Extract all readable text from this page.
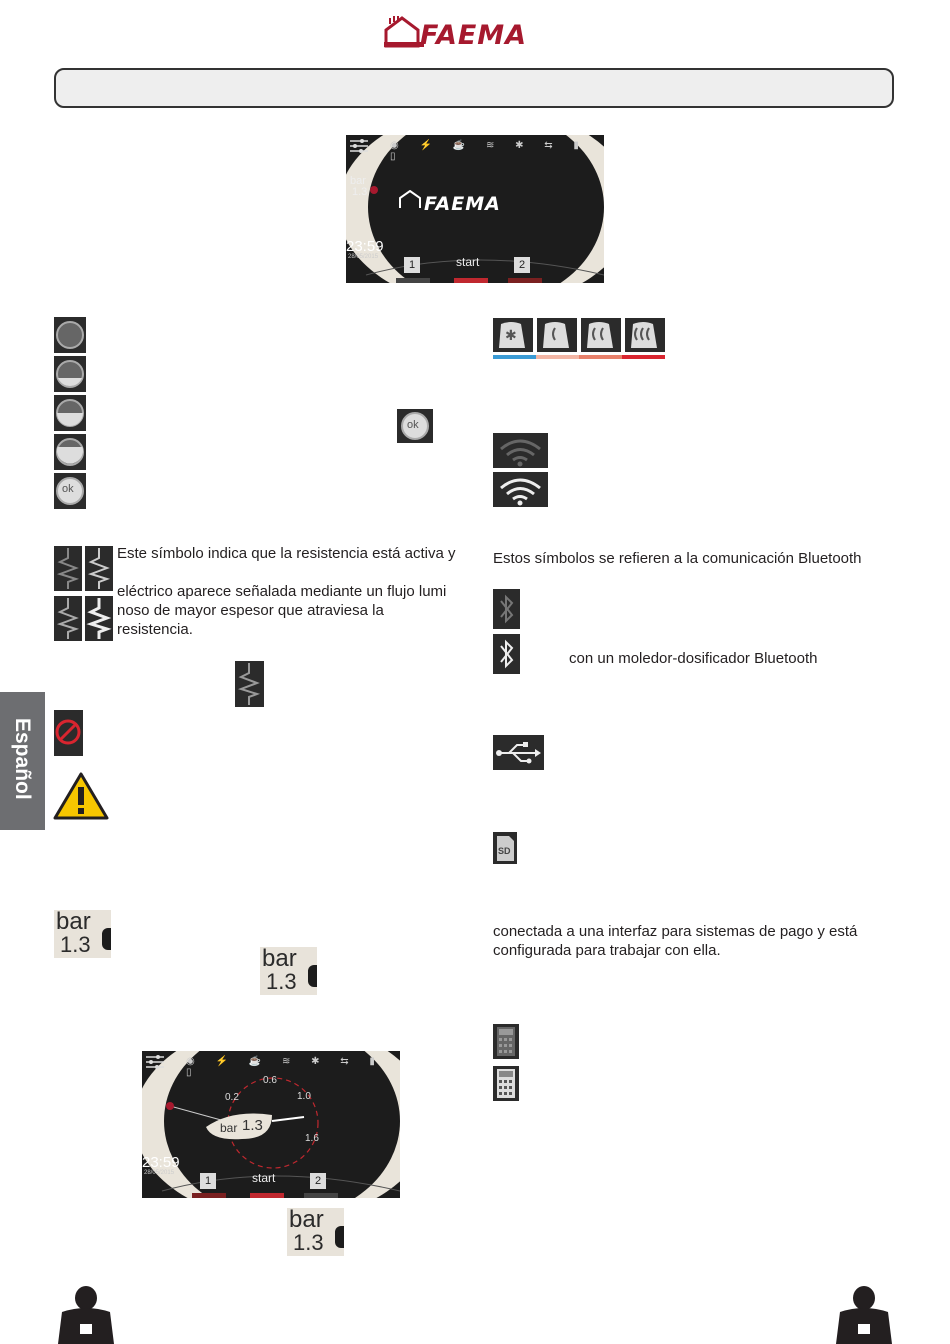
FAEMA
◉ ⚡ ☕ ≋ ✱ ⇆ ▮ ▯
bar
1.3
FAEMA
23:59
28/05/2015
1	start	2
ok
ok
Este símbolo indica que la resistencia está activa y
eléctrico aparece señalada mediante un flujo lumi
noso de mayor espesor que atraviesa la resistencia.
Español
bar
1.3
bar
1.3
◉ ⚡ ☕ ≋ ✱ ⇆ ▮ ▯
0.6
0.2	1.0
1.6
bar 1.3
23:59
28/05/2015
1	start	2
bar
1.3
✱
Estos símbolos se refieren a la comunicación Bluetooth
con un moledor-dosificador Bluetooth
SD
conectada a una interfaz para sistemas de pago y está
configurada para trabajar con ella.
